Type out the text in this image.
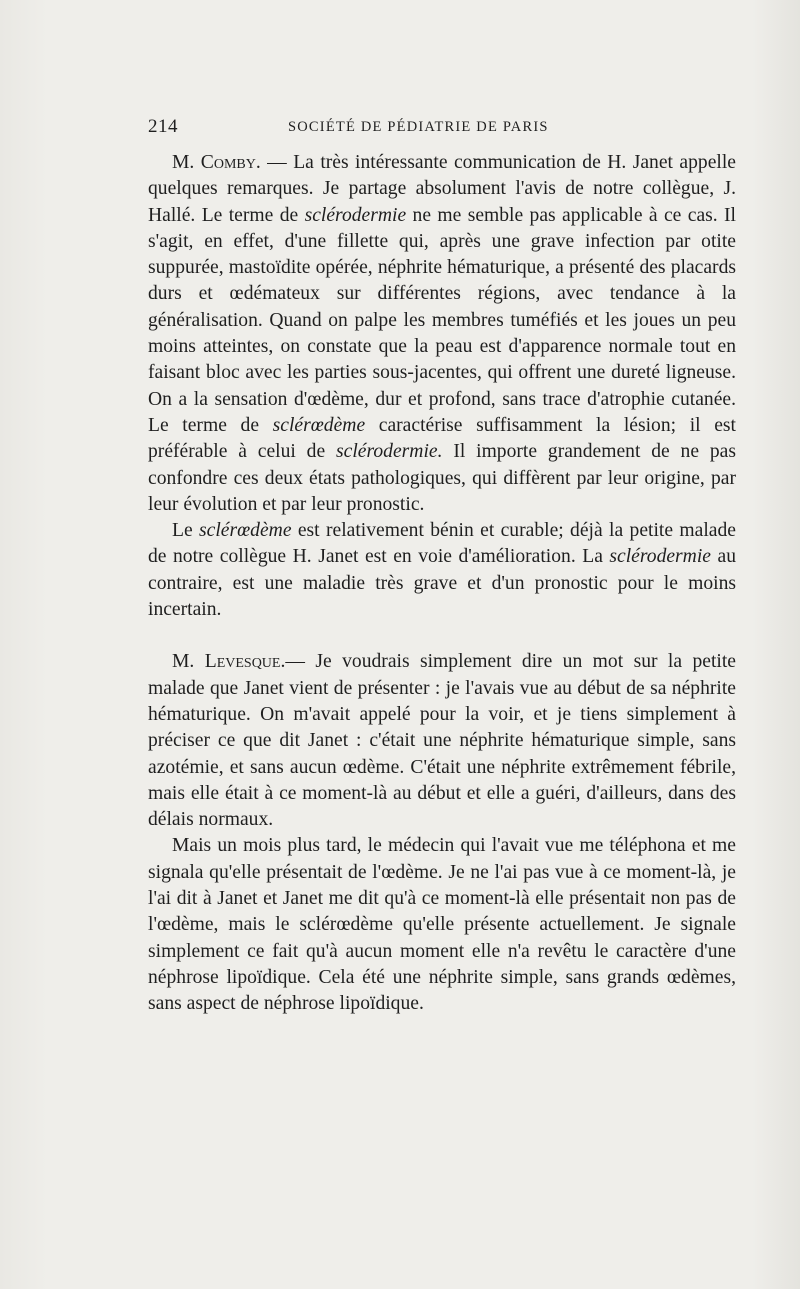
214	SOCIÉTÉ DE PÉDIATRIE DE PARIS

M. Comby. — La très intéressante communication de H. Janet appelle quelques remarques. Je partage absolument l'avis de notre collègue, J. Hallé. Le terme de sclérodermie ne me semble pas applicable à ce cas. Il s'agit, en effet, d'une fillette qui, après une grave infection par otite suppurée, mastoïdite opérée, néphrite hématurique, a présenté des placards durs et œdémateux sur différentes régions, avec tendance à la généralisation. Quand on palpe les membres tuméfiés et les joues un peu moins atteintes, on constate que la peau est d'apparence normale tout en faisant bloc avec les parties sous-jacentes, qui offrent une dureté ligneuse. On a la sensation d'œdème, dur et profond, sans trace d'atrophie cutanée. Le terme de sclérœdème caractérise suffisamment la lésion; il est préférable à celui de sclérodermie. Il importe grandement de ne pas confondre ces deux états pathologiques, qui diffèrent par leur origine, par leur évolution et par leur pronostic.

Le sclérœdème est relativement bénin et curable; déjà la petite malade de notre collègue H. Janet est en voie d'amélioration. La sclérodermie au contraire, est une maladie très grave et d'un pronostic pour le moins incertain.

M. Levesque.— Je voudrais simplement dire un mot sur la petite malade que Janet vient de présenter : je l'avais vue au début de sa néphrite hématurique. On m'avait appelé pour la voir, et je tiens simplement à préciser ce que dit Janet : c'était une néphrite hématurique simple, sans azotémie, et sans aucun œdème. C'était une néphrite extrêmement fébrile, mais elle était à ce moment-là au début et elle a guéri, d'ailleurs, dans des délais normaux.

Mais un mois plus tard, le médecin qui l'avait vue me téléphona et me signala qu'elle présentait de l'œdème. Je ne l'ai pas vue à ce moment-là, je l'ai dit à Janet et Janet me dit qu'à ce moment-là elle présentait non pas de l'œdème, mais le sclérœdème qu'elle présente actuellement. Je signale simplement ce fait qu'à aucun moment elle n'a revêtu le caractère d'une néphrose lipoïdique. Cela été une néphrite simple, sans grands œdèmes, sans aspect de néphrose lipoïdique.
